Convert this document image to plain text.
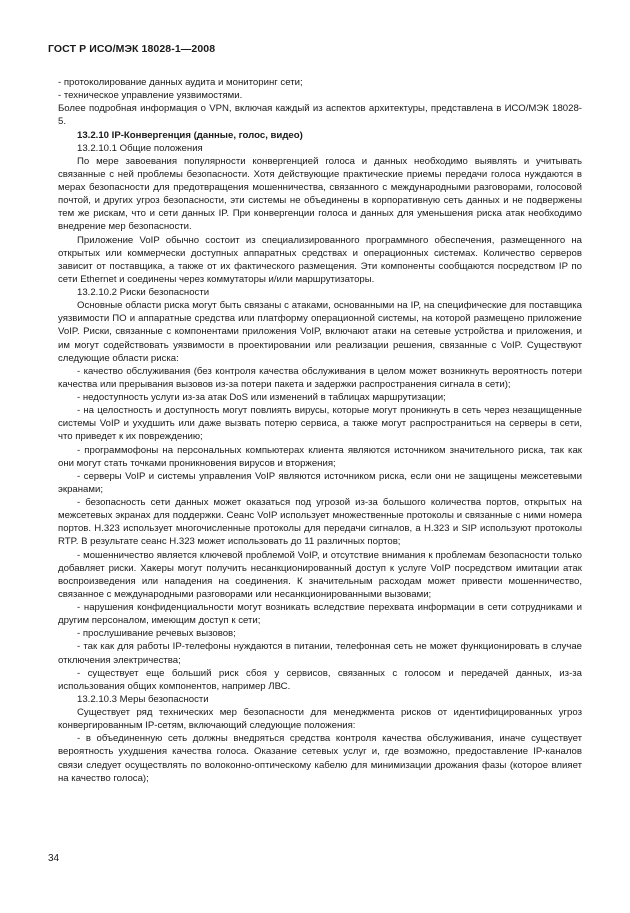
ГОСТ Р ИСО/МЭК 18028-1—2008

- протоколирование данных аудита и мониторинг сети;

- техническое управление уязвимостями.

Более подробная информация о VPN, включая каждый из аспектов архитектуры, представлена в ИСО/МЭК 18028-5.

13.2.10 IP-Конвергенция (данные, голос, видео)

13.2.10.1 Общие положения

По мере завоевания популярности конвергенцией голоса и данных необходимо выявлять и учитывать связанные с ней проблемы безопасности. Хотя действующие практические приемы передачи голоса нуждаются в мерах безопасности для предотвращения мошенничества, связанного с международными разговорами, голосовой почтой, и других угроз безопасности, эти системы не объединены в корпоративную сеть данных и не подвержены тем же рискам, что и сети данных IP. При конвергенции голоса и данных для уменьшения риска атак необходимо внедрение мер безопасности.

Приложение VoIP обычно состоит из специализированного программного обеспечения, размещенного на открытых или коммерчески доступных аппаратных средствах и операционных системах. Количество серверов зависит от поставщика, а также от их фактического размещения. Эти компоненты сообщаются посредством IP по сети Ethernet и соединены через коммутаторы и/или маршрутизаторы.

13.2.10.2 Риски безопасности

Основные области риска могут быть связаны с атаками, основанными на IP, на специфические для поставщика уязвимости ПО и аппаратные средства или платформу операционной системы, на которой размещено приложение VoIP. Риски, связанные с компонентами приложения VoIP, включают атаки на сетевые устройства и приложения, и им могут содействовать уязвимости в проектировании или реализации решения, связанные с VoIP. Существуют следующие области риска:

- качество обслуживания (без контроля качества обслуживания в целом может возникнуть вероятность потери качества или прерывания вызовов из-за потери пакета и задержки распространения сигнала в сети);

- недоступность услуги из-за атак DoS или изменений в таблицах маршрутизации;

- на целостность и доступность могут повлиять вирусы, которые могут проникнуть в сеть через незащищенные системы VoIP и ухудшить или даже вызвать потерю сервиса, а также могут распространиться на серверы в сети, что приведет к их повреждению;

- программофоны на персональных компьютерах клиента являются источником значительного риска, так как они могут стать точками проникновения вирусов и вторжения;

- серверы VoIP и системы управления VoIP являются источником риска, если они не защищены межсетевыми экранами;

- безопасность сети данных может оказаться под угрозой из-за большого количества портов, открытых на межсетевых экранах для поддержки. Сеанс VoIP использует множественные протоколы и связанные с ними номера портов. H.323 использует многочисленные протоколы для передачи сигналов, а H.323 и SIP используют протоколы RTP. В результате сеанс H.323 может использовать до 11 различных портов;

- мошенничество является ключевой проблемой VoIP, и отсутствие внимания к проблемам безопасности только добавляет риски. Хакеры могут получить несанкционированный доступ к услуге VoIP посредством имитации атак воспроизведения или нападения на соединения. К значительным расходам может привести мошенничество, связанное с международными разговорами или несанкционированными вызовами;

- нарушения конфиденциальности могут возникать вследствие перехвата информации в сети сотрудниками и другим персоналом, имеющим доступ к сети;

- прослушивание речевых вызовов;

- так как для работы IP-телефоны нуждаются в питании, телефонная сеть не может функционировать в случае отключения электричества;

- существует еще больший риск сбоя у сервисов, связанных с голосом и передачей данных, из-за использования общих компонентов, например ЛВС.

13.2.10.3 Меры безопасности

Существует ряд технических мер безопасности для менеджмента рисков от идентифицированных угроз конвергированным IP-сетям, включающий следующие положения:

- в объединенную сеть должны внедряться средства контроля качества обслуживания, иначе существует вероятность ухудшения качества голоса. Оказание сетевых услуг и, где возможно, предоставление IP-каналов связи следует осуществлять по волоконно-оптическому кабелю для минимизации дрожания фазы (которое влияет на качество голоса);

34
